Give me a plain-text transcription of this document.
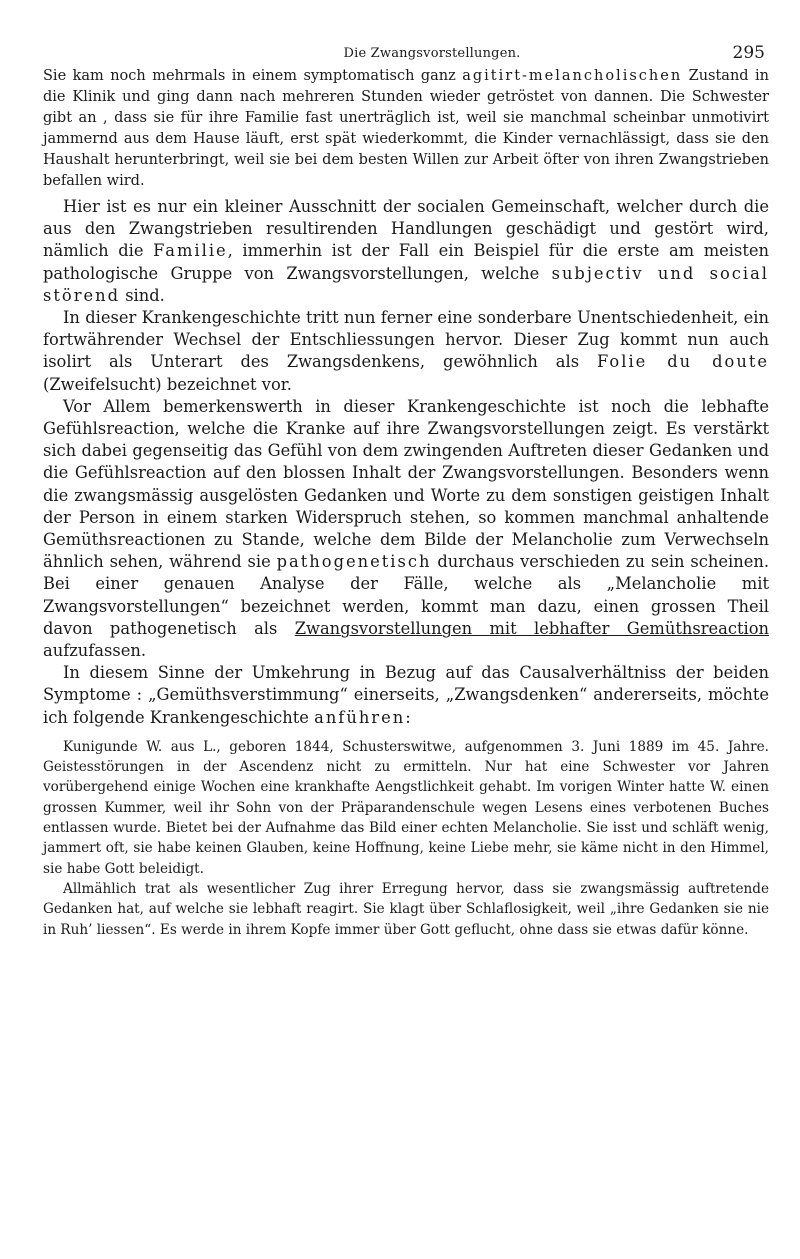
Die Zwangsvorstellungen.	295

Sie kam noch mehrmals in einem symptomatisch ganz agitirt-melancholischen Zustand in die Klinik und ging dann nach mehreren Stunden wieder getröstet von dannen. Die Schwester gibt an , dass sie für ihre Familie fast unerträglich ist, weil sie manchmal scheinbar unmotivirt jammernd aus dem Hause läuft, erst spät wiederkommt, die Kinder vernachlässigt, dass sie den Haushalt herunterbringt, weil sie bei dem besten Willen zur Arbeit öfter von ihren Zwangstrieben befallen wird.

Hier ist es nur ein kleiner Ausschnitt der socialen Gemeinschaft, welcher durch die aus den Zwangstrieben resultirenden Handlungen geschädigt und gestört wird, nämlich die Familie, immerhin ist der Fall ein Beispiel für die erste am meisten pathologische Gruppe von Zwangsvorstellungen, welche subjectiv und social störend sind.

In dieser Krankengeschichte tritt nun ferner eine sonderbare Unentschiedenheit, ein fortwährender Wechsel der Entschliessungen hervor. Dieser Zug kommt nun auch isolirt als Unterart des Zwangsdenkens, gewöhnlich als Folie du doute (Zweifelsucht) bezeichnet vor.

Vor Allem bemerkenswerth in dieser Krankengeschichte ist noch die lebhafte Gefühlsreaction, welche die Kranke auf ihre Zwangsvorstellungen zeigt. Es verstärkt sich dabei gegenseitig das Gefühl von dem zwingenden Auftreten dieser Gedanken und die Gefühlsreaction auf den blossen Inhalt der Zwangsvorstellungen. Besonders wenn die zwangsmässig ausgelösten Gedanken und Worte zu dem sonstigen geistigen Inhalt der Person in einem starken Widerspruch stehen, so kommen manchmal anhaltende Gemüthsreactionen zu Stande, welche dem Bilde der Melancholie zum Verwechseln ähnlich sehen, während sie pathogenetisch durchaus verschieden zu sein scheinen. Bei einer genauen Analyse der Fälle, welche als „Melancholie mit Zwangsvorstellungen“ bezeichnet werden, kommt man dazu, einen grossen Theil davon pathogenetisch als Zwangsvorstellungen mit lebhafter Gemüthsreaction aufzufassen.

In diesem Sinne der Umkehrung in Bezug auf das Causalverhältniss der beiden Symptome : „Gemüthsverstimmung“ einerseits, „Zwangsdenken“ andererseits, möchte ich folgende Krankengeschichte anführen:

Kunigunde W. aus L., geboren 1844, Schusterswitwe, aufgenommen 3. Juni 1889 im 45. Jahre. Geistesstörungen in der Ascendenz nicht zu ermitteln. Nur hat eine Schwester vor Jahren vorübergehend einige Wochen eine krankhafte Aengstlichkeit gehabt. Im vorigen Winter hatte W. einen grossen Kummer, weil ihr Sohn von der Präparandenschule wegen Lesens eines verbotenen Buches entlassen wurde. Bietet bei der Aufnahme das Bild einer echten Melancholie. Sie isst und schläft wenig, jammert oft, sie habe keinen Glauben, keine Hoffnung, keine Liebe mehr, sie käme nicht in den Himmel, sie habe Gott beleidigt.

Allmählich trat als wesentlicher Zug ihrer Erregung hervor, dass sie zwangsmässig auftretende Gedanken hat, auf welche sie lebhaft reagirt. Sie klagt über Schlaflosigkeit, weil „ihre Gedanken sie nie in Ruh’ liessen“. Es werde in ihrem Kopfe immer über Gott geflucht, ohne dass sie etwas dafür könne.
